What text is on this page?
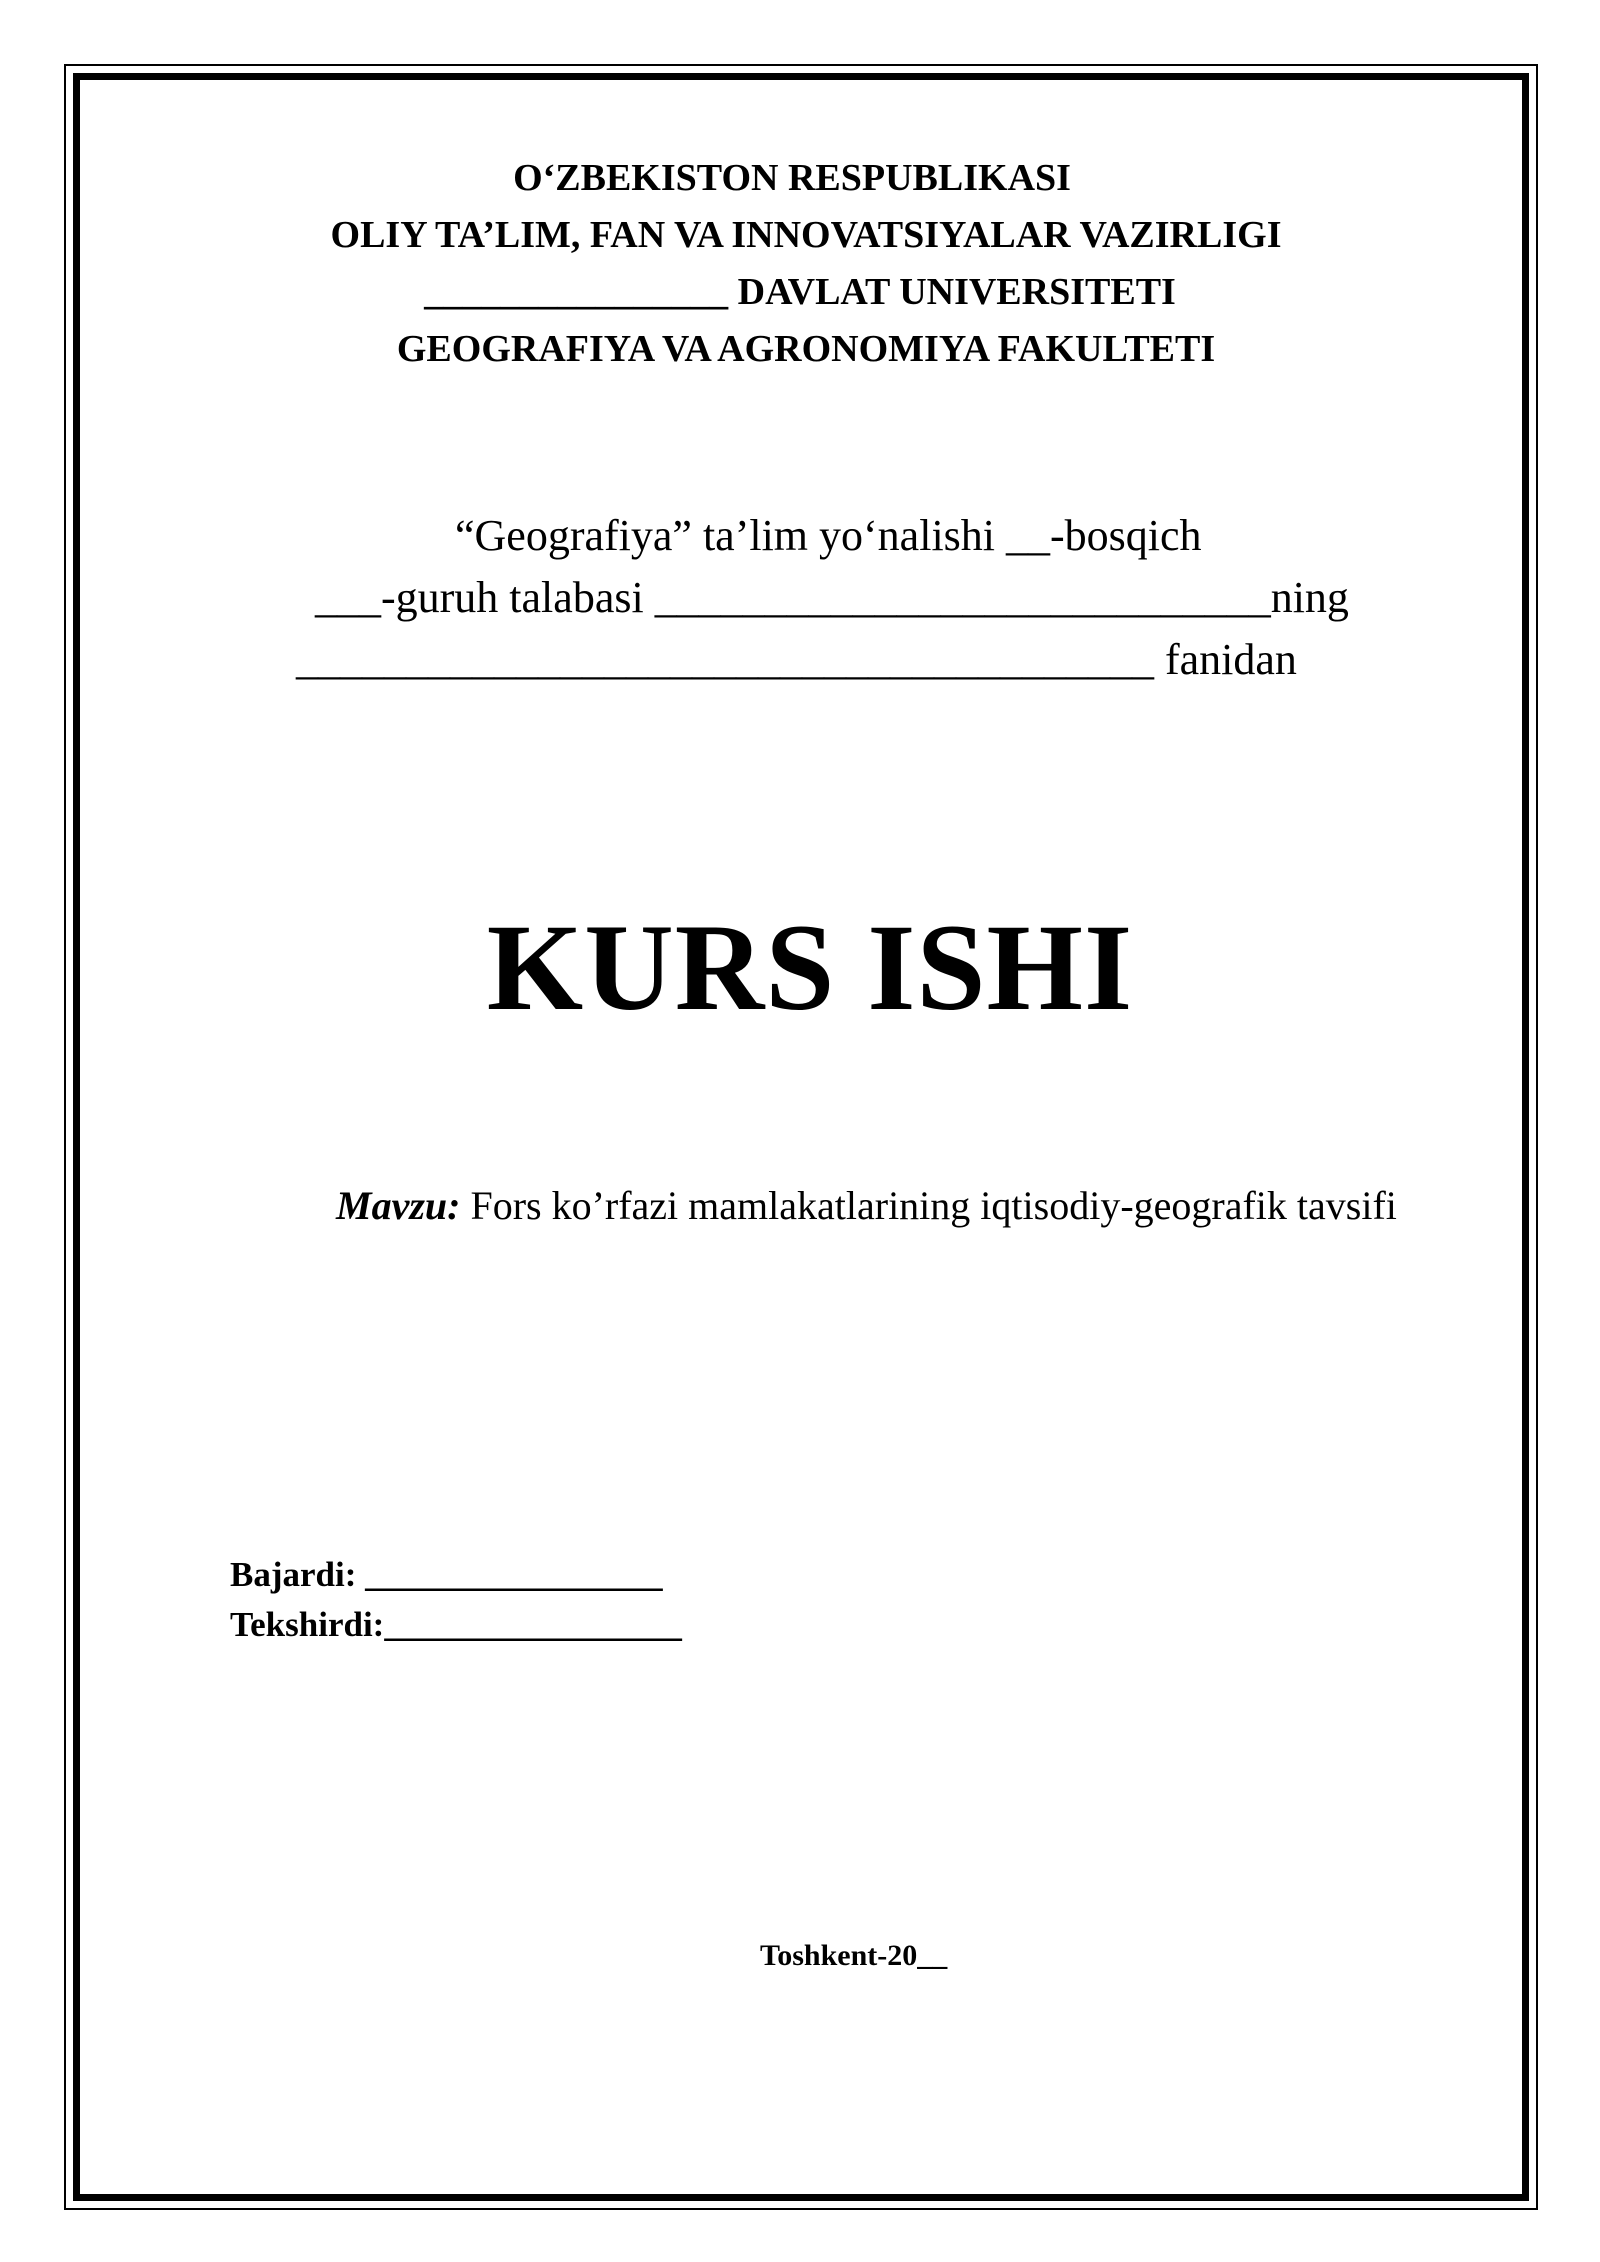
O‘ZBEKISTON RESPUBLIKASI
OLIY TA’LIM, FAN VA INNOVATSIYALAR VAZIRLIGI
________________ DAVLAT UNIVERSITETI
GEOGRAFIYA VA AGRONOMIYA FAKULTETI
“Geografiya” ta’lim yo‘nalishi __-bosqich
___-guruh talabasi ____________________________ning
_______________________________________ fanidan
KURS ISHI
Mavzu: Fors ko’rfazi mamlakatlarining iqtisodiy-geografik tavsifi
Bajardi: _________________
Tekshirdi:_________________
Toshkent-20__
